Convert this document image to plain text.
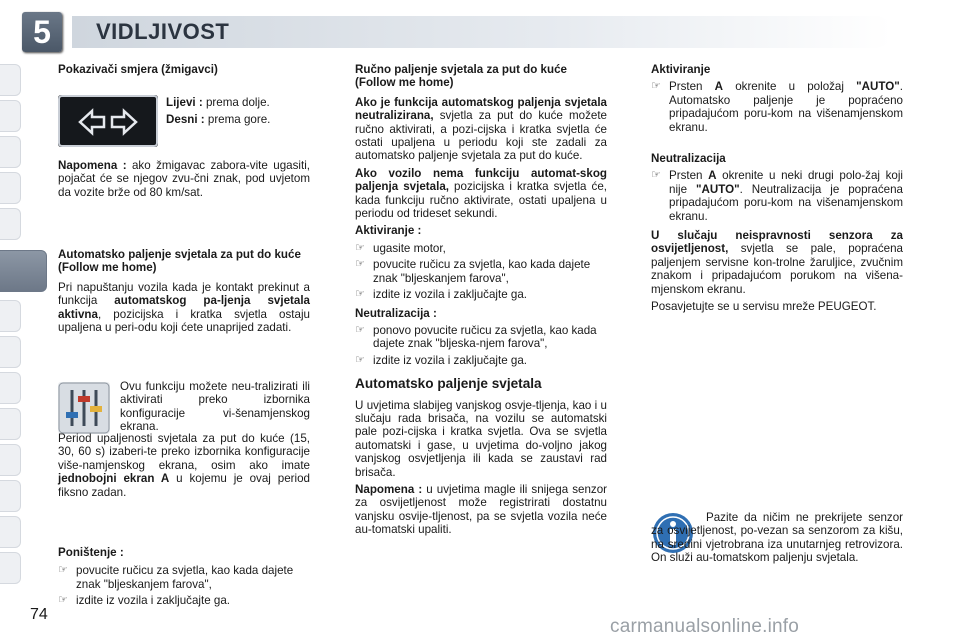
5	VIDLJIVOST

Pokazivači smjera (žmigavci)

Lijevi : prema dolje.

Desni : prema gore.

Napomena : ako žmigavac zabora-vite ugasiti, pojačat će se njegov zvu-čni znak, pod uvjetom da vozite brže od 80 km/sat.

Automatsko paljenje svjetala za put do kuće (Follow me home)

Pri napuštanju vozila kada je kontakt prekinut a funkcija automatskog pa-ljenja svjetala aktivna, pozicijska i kratka svjetla ostaju upaljena u peri-odu koji ćete unaprijed zadati.

Ovu funkciju možete neu-tralizirati ili aktivirati preko izbornika konfiguracije vi-šenamjenskog ekrana.

Period upaljenosti svjetala za put do kuće (15, 30, 60 s) izaberi-te preko izbornika konfiguracije više-namjenskog ekrana, osim ako imate jednobojni ekran A u kojemu je ovaj period fiksno zadan.

Poništenje :

☞ povucite ručicu za svjetla, kao kada dajete znak "bljeskanjem farova",
☞ izdite iz vozila i zaključajte ga.

Ručno paljenje svjetala za put do kuće (Follow me home)

Ako je funkcija automatskog paljenja svjetala neutralizirana, svjetla za put do kuće možete ručno aktivirati, a pozi-cijska i kratka svjetla će ostati upaljena u periodu koji ste zadali za automatsko paljenje svjetala za put do kuće.

Ako vozilo nema funkciju automat-skog paljenja svjetala, pozicijska i kratka svjetla će, kada funkciju ručno aktivirate, ostati upaljena u periodu od trideset sekundi.

Aktiviranje :

☞ ugasite motor,
☞ povucite ručicu za svjetla, kao kada dajete znak "bljeskanjem farova",
☞ izdite iz vozila i zaključajte ga.

Neutralizacija :

☞ ponovo povucite ručicu za svjetla, kao kada dajete znak "bljeska-njem farova",
☞ izdite iz vozila i zaključajte ga.
Automatsko paljenje svjetala

U uvjetima slabijeg vanjskog osvje-tljenja, kao i u slučaju rada brisača, na vozilu se automatski pale pozi-cijska i kratka svjetla. Ova se svjetla automatski i gase, u uvjetima do-voljno jakog vanjskog osvjetljenja ili kada se zaustavi rad brisača.

Napomena : u uvjetima magle ili snijega senzor za osvijetljenost može registrirati dostatnu vanjsku osvije-tljenost, pa se svjetla vozila neće au-tomatski upaliti.

Aktiviranje

☞ Prsten A okrenite u položaj "AUTO". Automatsko paljenje je popraćeno pripadajućom poru-kom na višenamjenskom ekranu.

Neutralizacija

☞ Prsten A okrenite u neki drugi polo-žaj koji nije "AUTO". Neutralizacija je popraćena pripadajućom poru-kom na višenamjenskom ekranu.

U slučaju neispravnosti senzora za osvijetljenost, svjetla se pale, popraćena paljenjem servisne kon-trolne žaruljice, zvučnim znakom i pripadajućom porukom na višena-mjenskom ekranu.

Posavjetujte se u servisu mreže PEUGEOT.

Pazite da ničim ne prekrijete senzor za osvijetljenost, po-vezan sa senzorom za kišu, na sredini vjetrobrana iza unutarnjeg retrovizora. On služi au-tomatskom paljenju svjetala.

74
carmanualsonline.info
